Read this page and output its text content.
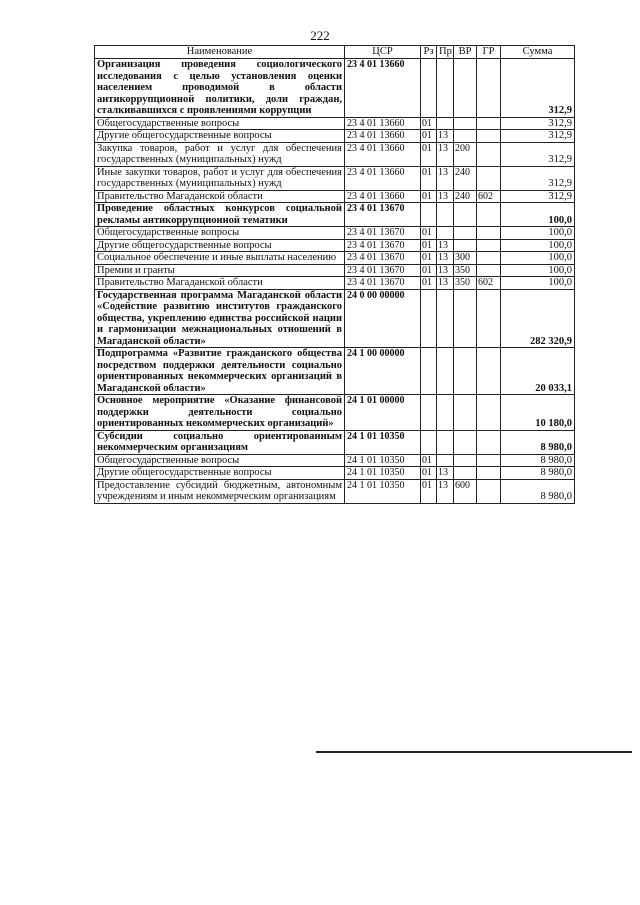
222
Наименование	ЦСР	Рз	Пр	ВР	ГР	Сумма
Организация проведения социологического исследования с целью установления оценки населением проводимой в области антикоррупционной политики, доли граждан, сталкивавшихся с проявлениями коррупции	23 4 01 13660					312,9
Общегосударственные вопросы	23 4 01 13660	01				312,9
Другие общегосударственные вопросы	23 4 01 13660	01	13			312,9
Закупка товаров, работ и услуг для обеспечения государственных (муниципальных) нужд	23 4 01 13660	01	13	200		312,9
Иные закупки товаров, работ и услуг для обеспечения государственных (муниципальных) нужд	23 4 01 13660	01	13	240		312,9
Правительство Магаданской области	23 4 01 13660	01	13	240	602	312,9
Проведение областных конкурсов социальной рекламы антикоррупционной тематики	23 4 01 13670					100,0
Общегосударственные вопросы	23 4 01 13670	01				100,0
Другие общегосударственные вопросы	23 4 01 13670	01	13			100,0
Социальное обеспечение и иные выплаты населению	23 4 01 13670	01	13	300		100,0
Премии и гранты	23 4 01 13670	01	13	350		100,0
Правительство Магаданской области	23 4 01 13670	01	13	350	602	100,0
Государственная программа Магаданской области «Содействие развитию институтов гражданского общества, укреплению единства российской нации и гармонизации межнациональных отношений в Магаданской области»	24 0 00 00000					282 320,9
Подпрограмма «Развитие гражданского общества посредством поддержки деятельности социально ориентированных некоммерческих организаций в Магаданской области»	24 1 00 00000					20 033,1
Основное мероприятие «Оказание финансовой поддержки деятельности социально ориентированных некоммерческих организаций»	24 1 01 00000					10 180,0
Субсидии социально ориентированным некоммерческим организациям	24 1 01 10350					8 980,0
Общегосударственные вопросы	24 1 01 10350	01				8 980,0
Другие общегосударственные вопросы	24 1 01 10350	01	13			8 980,0
Предоставление субсидий бюджетным, автономным учреждениям и иным некоммерческим организациям	24 1 01 10350	01	13	600		8 980,0
